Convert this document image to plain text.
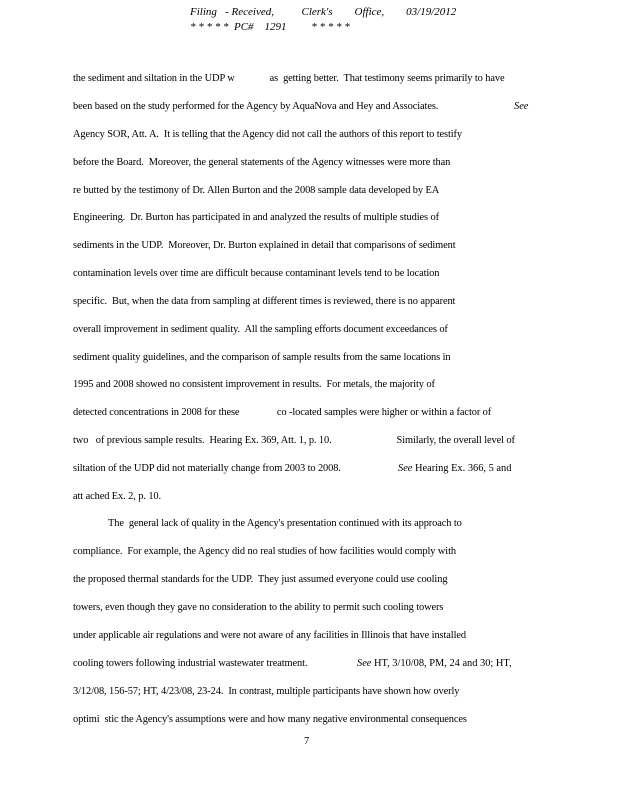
Filing   - Received,          Clerk's        Office,        03/19/2012
* * * * *  PC#    1291         * * * * *
the sediment and siltation in the UDP w              as  getting better.  That testimony seems primarily to have
been based on the study performed for the Agency by AquaNova and Hey and Associates.	See
Agency SOR, Att. A.  It is telling that the Agency did not call the authors of this report to testify
before the Board.  Moreover, the general statements of the Agency witnesses were more than
re butted by the testimony of Dr. Allen Burton and the 2008 sample data developed by EA
Engineering.  Dr. Burton has participated in and analyzed the results of multiple studies of
sediments in the UDP.  Moreover, Dr. Burton explained in detail that comparisons of sediment
contamination levels over time are difficult because contaminant levels tend to be location
specific.  But, when the data from sampling at different times is reviewed, there is no apparent
overall improvement in sediment quality.  All the sampling efforts document exceedances of
sediment quality guidelines, and the comparison of sample results from the same locations in
1995 and 2008 showed no consistent improvement in results.  For metals, the majority of
detected concentrations in 2008 for these               co -located samples were higher or within a factor of
two   of previous sample results.  Hearing Ex. 369, Att. 1, p. 10.                          Similarly, the overall level of
siltation of the UDP did not materially change from 2003 to 2008.	See Hearing Ex. 366, 5 and
att ached Ex. 2, p. 10.
The  general lack of quality in the Agency's presentation continued with its approach to
compliance.  For example, the Agency did no real studies of how facilities would comply with
the proposed thermal standards for the UDP.  They just assumed everyone could use cooling
towers, even though they gave no consideration to the ability to permit such cooling towers
under applicable air regulations and were not aware of any facilities in Illinois that have installed
cooling towers following industrial wastewater treatment.	See HT, 3/10/08, PM, 24 and 30; HT,
3/12/08, 156-57; HT, 4/23/08, 23-24.  In contrast, multiple participants have shown how overly
optimi  stic the Agency's assumptions were and how many negative environmental consequences
7
